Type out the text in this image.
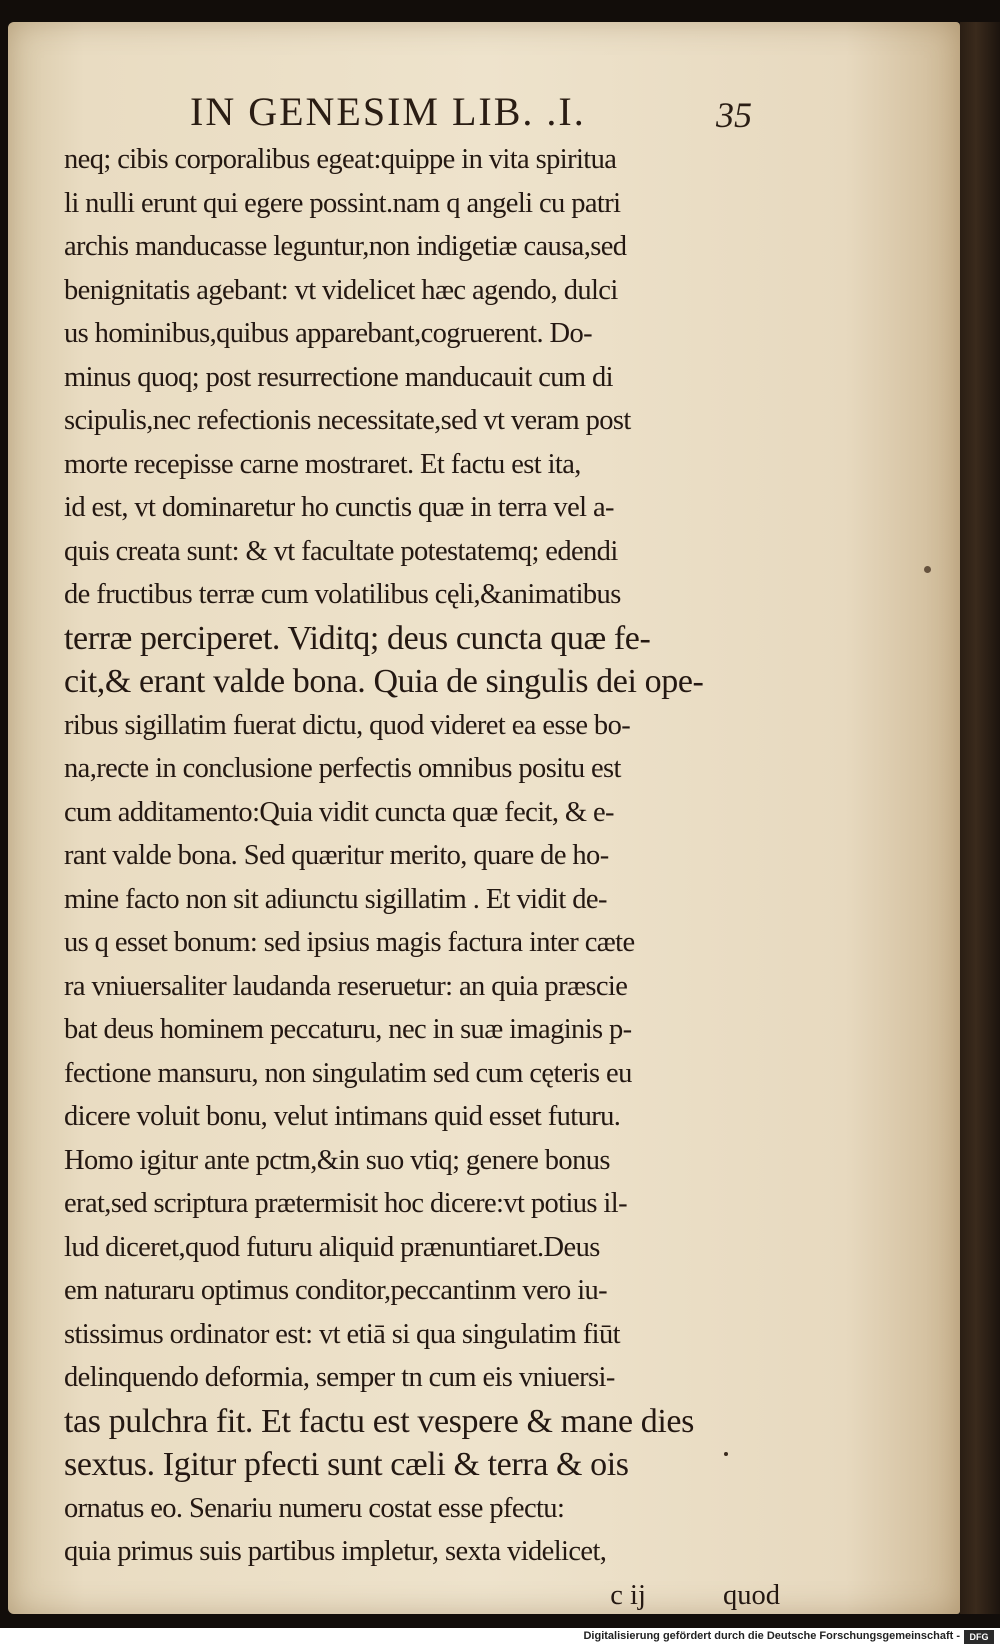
IN GENESIM LIB. .I.	35
neq; cibis corporalibus egeat:quippe in vita spiritua
li nulli erunt qui egere possint.nam q angeli cu patri
archis manducasse leguntur,non indigetiæ causa,sed
benignitatis agebant: vt videlicet hæc agendo, dulci
us hominibus,quibus apparebant,cogruerent. Do-
minus quoq; post resurrectione manducauit cum di
scipulis,nec refectionis necessitate,sed vt veram post
morte recepisse carne mostraret. Et factu est ita,
id est, vt dominaretur ho cunctis quæ in terra vel a-
quis creata sunt: & vt facultate potestatemq; edendi
de fructibus terræ cum volatilibus cęli,&animatibus
terræ perciperet. Viditq; deus cuncta quæ fe-
cit,& erant valde bona. Quia de singulis dei ope-
ribus sigillatim fuerat dictu, quod videret ea esse bo-
na,recte in conclusione perfectis omnibus positu est
cum additamento:Quia vidit cuncta quæ fecit, & e-
rant valde bona. Sed quæritur merito, quare de ho-
mine facto non sit adiunctu sigillatim . Et vidit de-
us q esset bonum: sed ipsius magis factura inter cæte
ra vniuersaliter laudanda reseruetur: an quia præscie
bat deus hominem peccaturu, nec in suæ imaginis p-
fectione mansuru, non singulatim sed cum cęteris eu
dicere voluit bonu, velut intimans quid esset futuru.
Homo igitur ante pctm,&in suo vtiq; genere bonus
erat,sed scriptura prætermisit hoc dicere:vt potius il-
lud diceret,quod futuru aliquid prænuntiaret.Deus
em naturaru optimus conditor,peccantinm vero iu-
stissimus ordinator est: vt etiā si qua singulatim fiūt
delinquendo deformia, semper tn cum eis vniuersi-
tas pulchra fit. Et factu est vespere & mane dies
sextus. Igitur pfecti sunt cæli & terra & ois
ornatus eo. Senariu numeru costat esse pfectu:
quia primus suis partibus impletur, sexta videlicet,
c ij	quod
Digitalisierung gefördert durch die Deutsche Forschungsgemeinschaft -	DFG
